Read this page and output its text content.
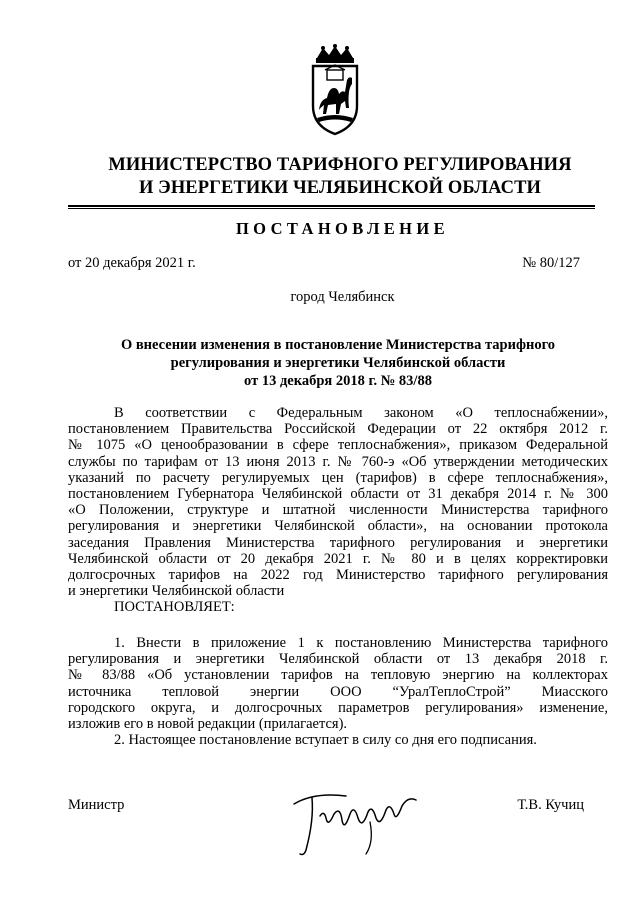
МИНИСТЕРСТВО ТАРИФНОГО РЕГУЛИРОВАНИЯ
И ЭНЕРГЕТИКИ ЧЕЛЯБИНСКОЙ ОБЛАСТИ
ПОСТАНОВЛЕНИЕ
от 20 декабря 2021 г.	№ 80/127
город Челябинск
О внесении изменения в постановление Министерства тарифного
регулирования и энергетики Челябинской области
от 13 декабря 2018 г. № 83/88
В соответствии с Федеральным законом «О теплоснабжении»,
постановлением Правительства Российской Федерации от 22 октября 2012 г.
№ 1075 «О ценообразовании в сфере теплоснабжения», приказом Федеральной
службы по тарифам от 13 июня 2013 г. № 760-э «Об утверждении методических
указаний по расчету регулируемых цен (тарифов) в сфере теплоснабжения»,
постановлением Губернатора Челябинской области от 31 декабря 2014 г. № 300
«О Положении, структуре и штатной численности Министерства тарифного
регулирования и энергетики Челябинской области», на основании протокола
заседания Правления Министерства тарифного регулирования и энергетики
Челябинской области от 20 декабря 2021 г. № 80 и в целях корректировки
долгосрочных тарифов на 2022 год Министерство тарифного регулирования
и энергетики Челябинской области
ПОСТАНОВЛЯЕТ:
1. Внести в приложение 1 к постановлению Министерства тарифного
регулирования и энергетики Челябинской области от 13 декабря 2018 г.
№ 83/88 «Об установлении тарифов на тепловую энергию на коллекторах
источника тепловой энергии ООО “УралТеплоСтрой” Миасского
городского округа, и долгосрочных параметров регулирования» изменение,
изложив его в новой редакции (прилагается).
2. Настоящее постановление вступает в силу со дня его подписания.
Министр	Т.В. Кучиц
